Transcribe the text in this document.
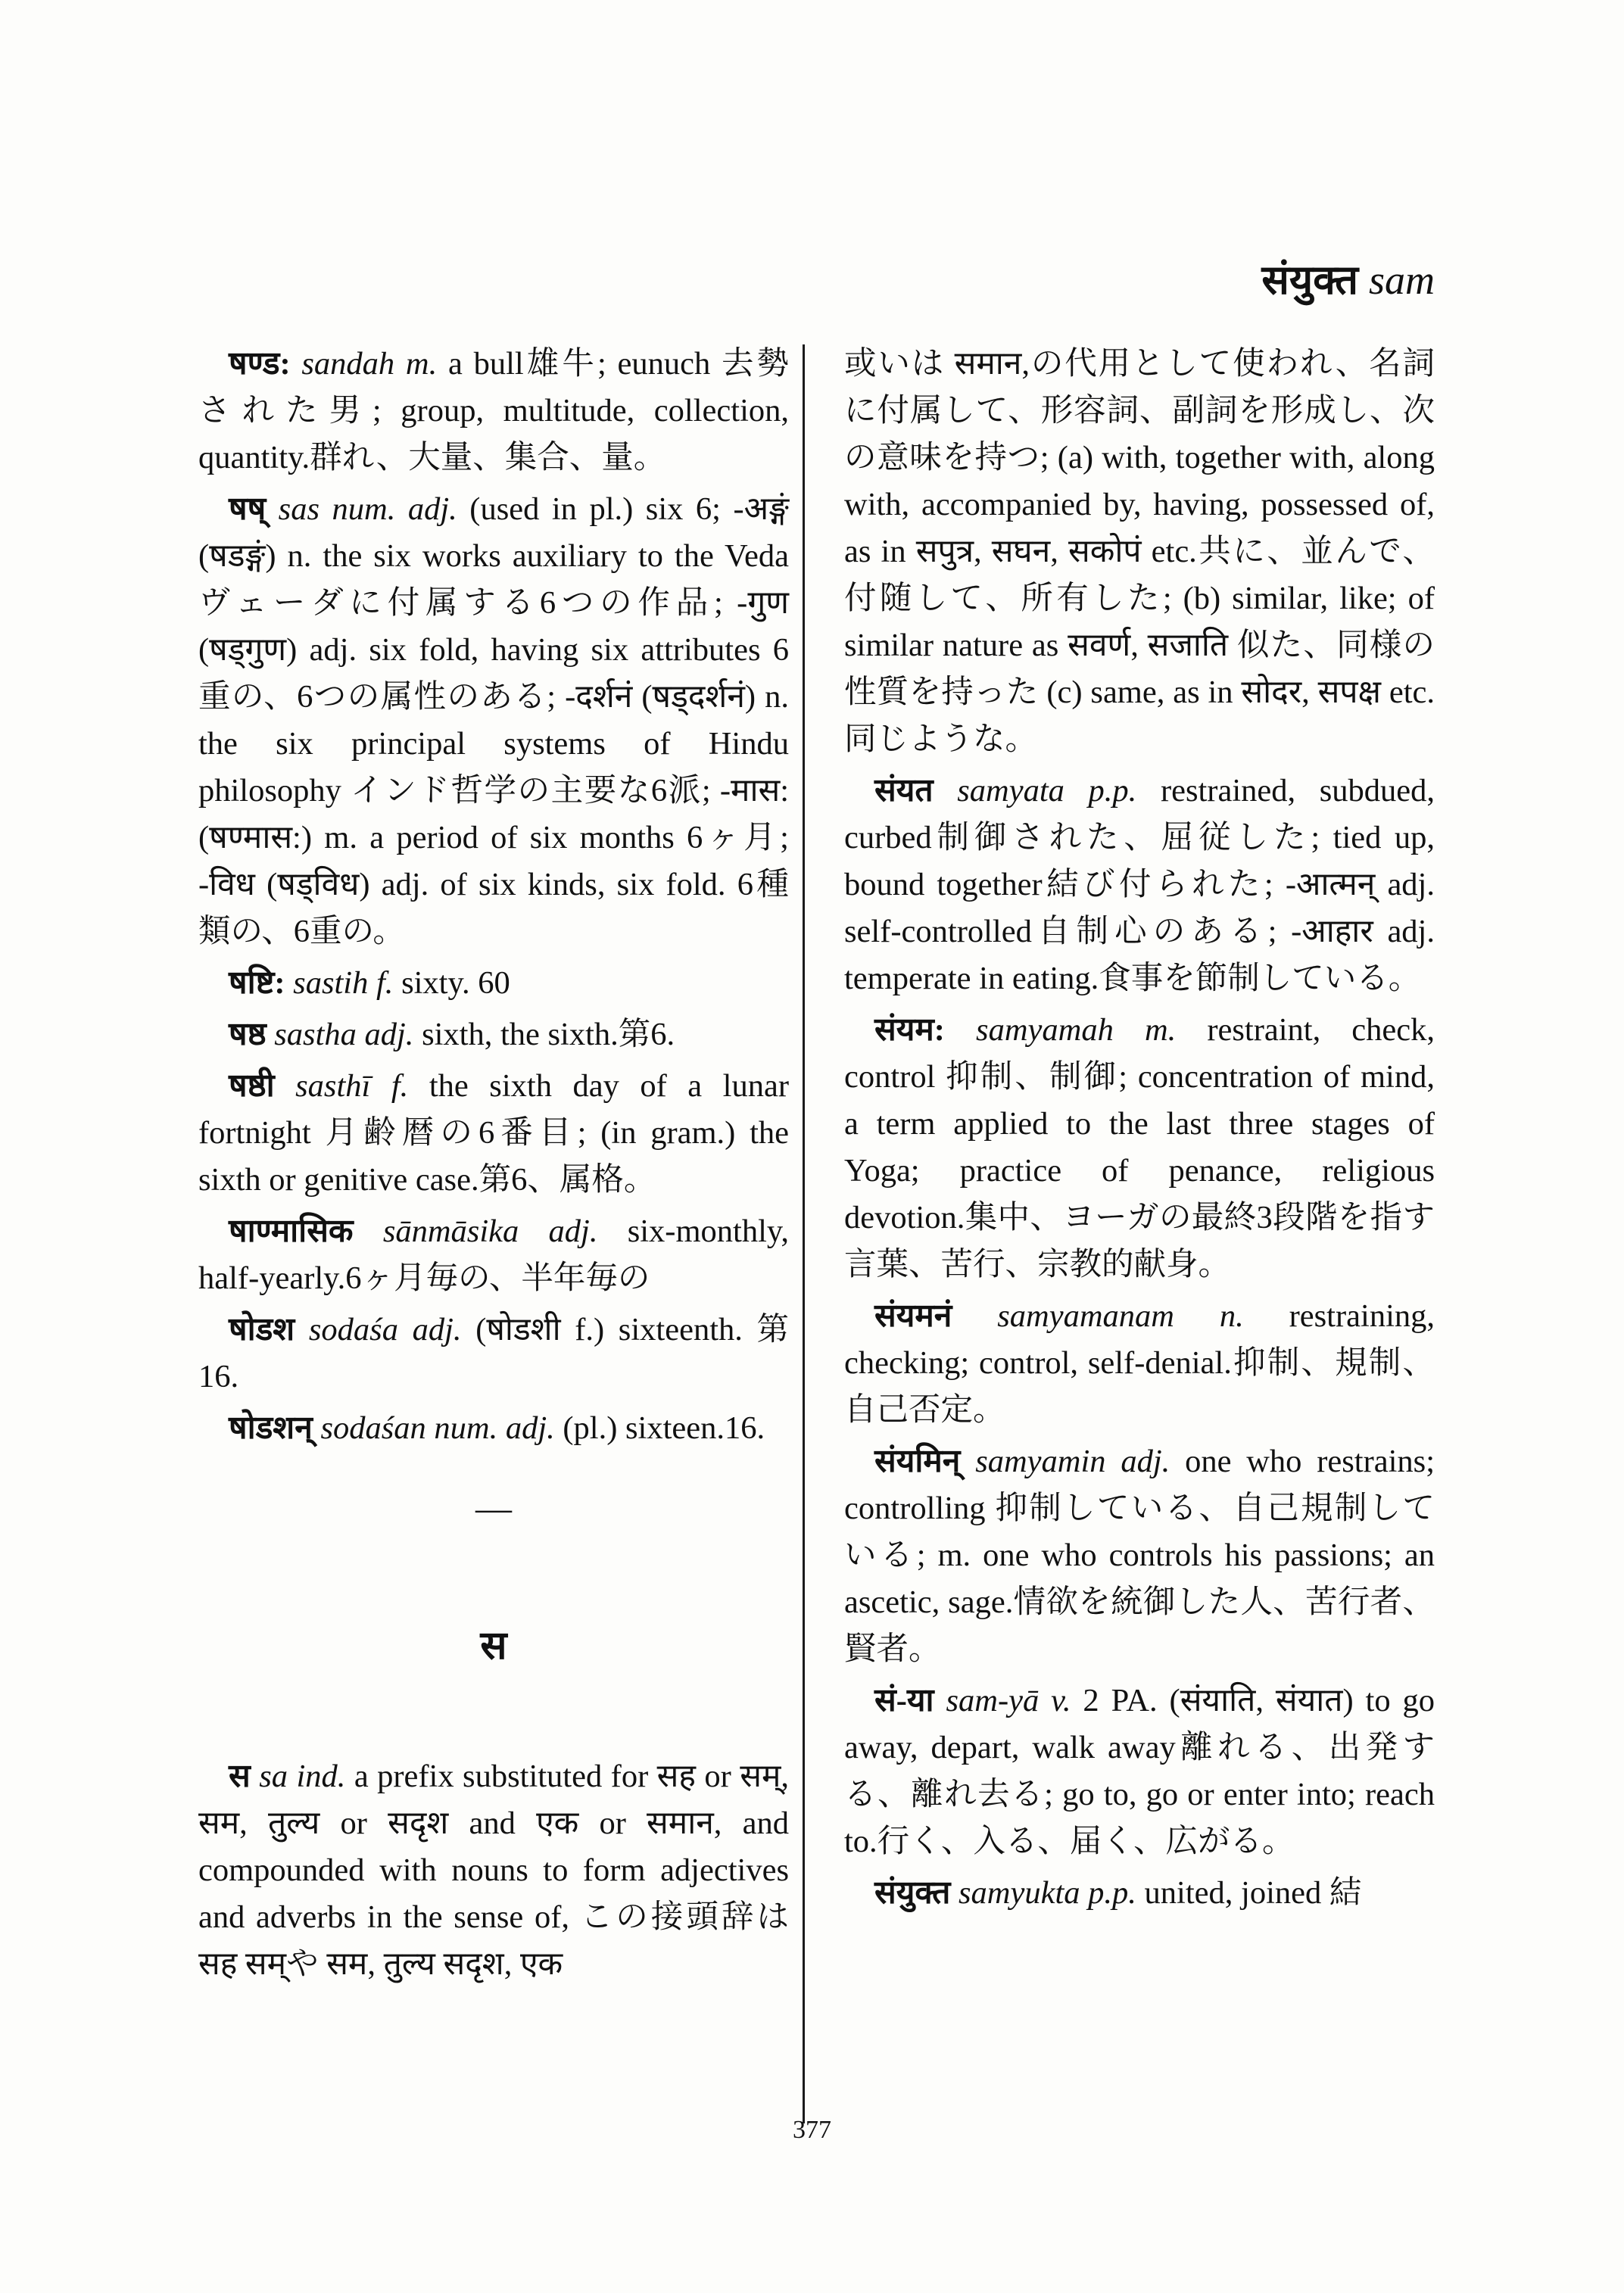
संयुक्त sam

षण्ड: sandah m. a bull雄牛; eunuch 去勢された男; group, multitude, collection, quantity.群れ、大量、集合、量。

षष् sas num. adj. (used in pl.) six 6; -अङ्गं (षडङ्गं) n. the six works auxiliary to the Vedaヴェーダに付属する6つの作品; -गुण (षड्गुण) adj. six fold, having six attributes 6重の、6つの属性のある; -दर्शनं (षड्दर्शनं) n. the six principal systems of Hindu philosophy インド哲学の主要な6派; -मास: (षण्मास:) m. a period of six months 6ヶ月; -विध (षड्विध) adj. of six kinds, six fold. 6種類の、6重の。

षष्टि: sastih f. sixty. 60

षष्ठ sastha adj. sixth, the sixth.第6.

षष्ठी sasthī f. the sixth day of a lunar fortnight 月齢暦の6番目; (in gram.) the sixth or genitive case.第6、属格。

षाण्मासिक sānmāsika adj. six-monthly, half-yearly.6ヶ月毎の、半年毎の

षोडश sodaśa adj. (षोडशी f.) sixteenth. 第16.

षोडशन् sodaśan num. adj. (pl.) sixteen.16.

—

स

स sa ind. a prefix substituted for सह or सम्, सम, तुल्य or सदृश and एक or समान, and compounded with nouns to form adjectives and adverbs in the sense of, この接頭辞は सह सम्や सम, तुल्य सदृश, एक

或いは समान,の代用として使われ、名詞に付属して、形容詞、副詞を形成し、次の意味を持つ; (a) with, together with, along with, accompanied by, having, possessed of, as in सपुत्र, सघन, सकोपं etc.共に、並んで、付随して、所有した; (b) similar, like; of similar nature as सवर्ण, सजाति 似た、同様の性質を持った (c) same, as in सोदर, सपक्ष etc.同じような。

संयत samyata p.p. restrained, subdued, curbed制御された、屈従した; tied up, bound together結び付られた; -आत्मन् adj. self-controlled自制心のある; -आहार adj. temperate in eating.食事を節制している。

संयम: samyamah m. restraint, check, control 抑制、制御; concentration of mind, a term applied to the last three stages of Yoga; practice of penance, religious devotion.集中、ヨーガの最終3段階を指す言葉、苦行、宗教的献身。

संयमनं samyamanam n. restraining, checking; control, self-denial.抑制、規制、自己否定。

संयमिन् samyamin adj. one who restrains; controlling 抑制している、自己規制している; m. one who controls his passions; an ascetic, sage.情欲を統御した人、苦行者、賢者。

सं-या sam-yā v. 2 PA. (संयाति, संयात) to go away, depart, walk away離れる、出発する、離れ去る; go to, go or enter into; reach to.行く、入る、届く、広がる。

संयुक्त samyukta p.p. united, joined 結

377
